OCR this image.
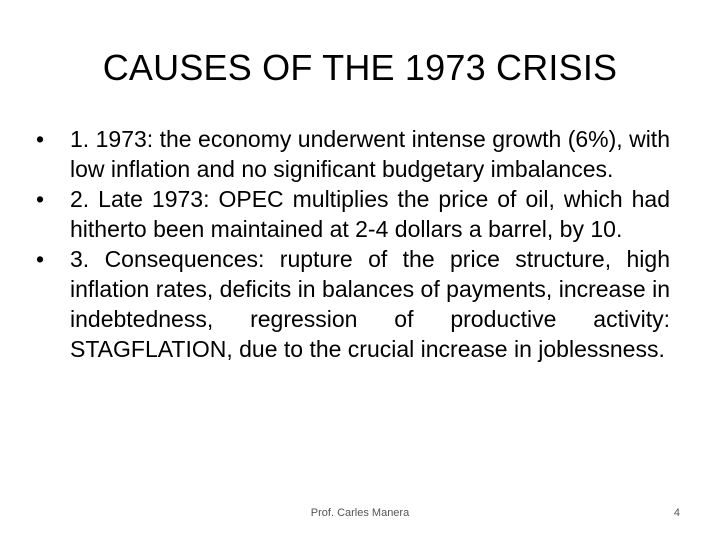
CAUSES OF THE 1973 CRISIS
•	1. 1973: the economy underwent intense growth (6%), with low inflation and no significant budgetary imbalances.
•	2. Late 1973: OPEC multiplies the price of oil, which had hitherto been maintained at 2-4 dollars a barrel, by 10.
•	3. Consequences: rupture of the price structure, high inflation rates, deficits in balances of payments, increase in indebtedness, regression of productive activity: STAGFLATION, due to the crucial increase in joblessness.
Prof. Carles Manera	4
